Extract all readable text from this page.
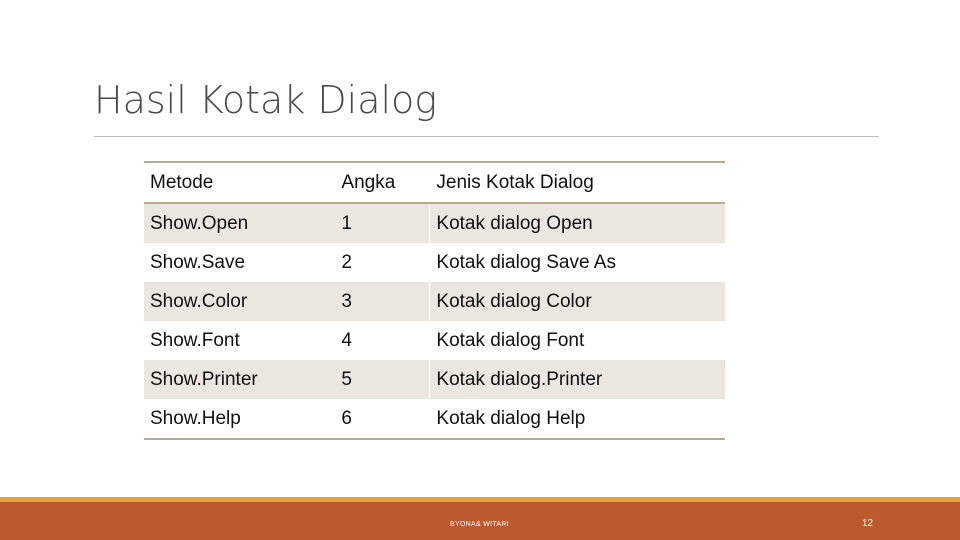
Hasil Kotak Dialog
Metode	Angka	Jenis Kotak Dialog
Show.Open	1	Kotak dialog Open
Show.Save	2	Kotak dialog Save As
Show.Color	3	Kotak dialog Color
Show.Font	4	Kotak dialog Font
Show.Printer	5	Kotak dialog.Printer
Show.Help	6	Kotak dialog Help
BYONA& WITARI	12
